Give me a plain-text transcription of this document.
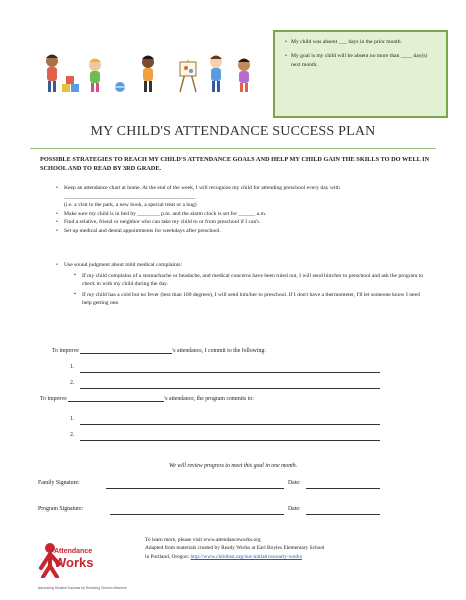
• My child was absent ___ days in the prior month.

• My goal is my child will be absent no more than ____ day(s) next month.

MY CHILD'S ATTENDANCE SUCCESS PLAN
POSSIBLE STRATEGIES TO REACH MY CHILD'S ATTENDANCE GOALS AND HELP MY CHILD GAIN THE SKILLS TO DO WELL IN SCHOOL AND TO READ BY 3RD GRADE.
• Keep an attendance chart at home. At the end of the week, I will recognize my child for attending preschool every day with _______________________________________________
(i.e. a visit to the park, a new book, a special treat or a hug)
• Make sure my child is in bed by ________ p.m. and the alarm clock is set for ______ a.m.
• Find a relative, friend or neighbor who can take my child to or from preschool if I can't.
• Set up medical and dental appointments for weekdays after preschool.
• Use sound judgment about mild medical complaints:
▪ If my child complains of a stomachache or headache, and medical concerns have been ruled out, I will send him/her to preschool and ask the program to check in with my child during the day.
▪ If my child has a cold but no fever (less than 100 degrees), I will send him/her to preschool. If I don't have a thermometer, I'll let someone know I need help getting one.
To improve	's attendance, I commit to the following:
1.
2.
To improve	's attendance, the program commits to:
1.
2.
We will review progress to meet this goal in one month.
Family Signature:	Date:
Program Signature:	Date:
Attendance
Works
Advancing Student Success by Reducing Chronic Absence
To learn more, please visit www.attendanceworks.org
Adapted from materials created by Ready Works at Earl Boyles Elementary School
in Portland, Oregon: http://www.childinst.org/our-initiatives/early-works
